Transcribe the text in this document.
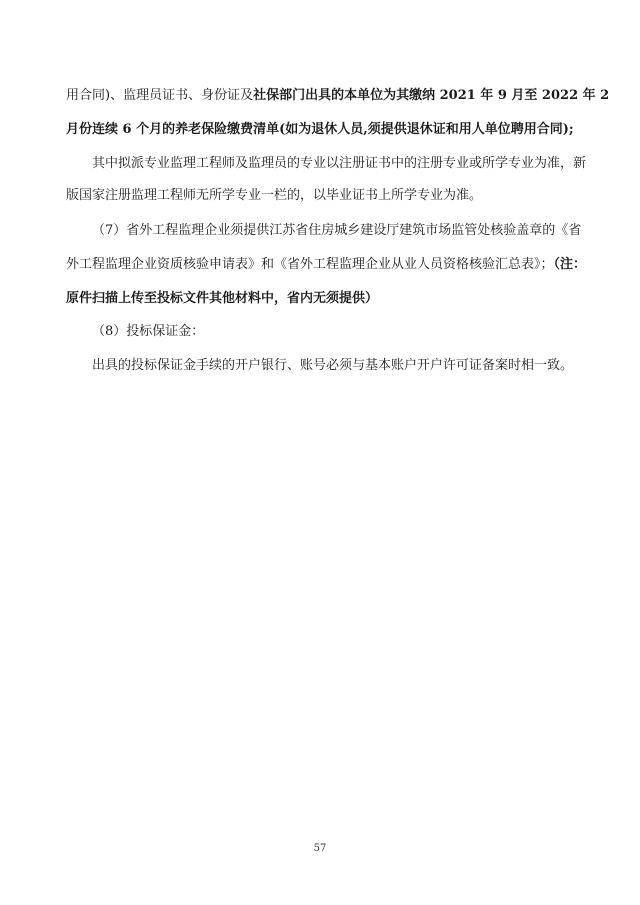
用合同)、监理员证书、身份证及社保部门出具的本单位为其缴纳 2021 年 9 月至 2022 年 2
月份连续 6 个月的养老保险缴费清单(如为退休人员,须提供退休证和用人单位聘用合同);
其中拟派专业监理工程师及监理员的专业以注册证书中的注册专业或所学专业为准，新
版国家注册监理工程师无所学专业一栏的，以毕业证书上所学专业为准。
（7）省外工程监理企业须提供江苏省住房城乡建设厅建筑市场监管处核验盖章的《省
外工程监理企业资质核验申请表》和《省外工程监理企业从业人员资格核验汇总表》；（注：
原件扫描上传至投标文件其他材料中，省内无须提供）
（8）投标保证金：
出具的投标保证金手续的开户银行、账号必须与基本账户开户许可证备案时相一致。
57
